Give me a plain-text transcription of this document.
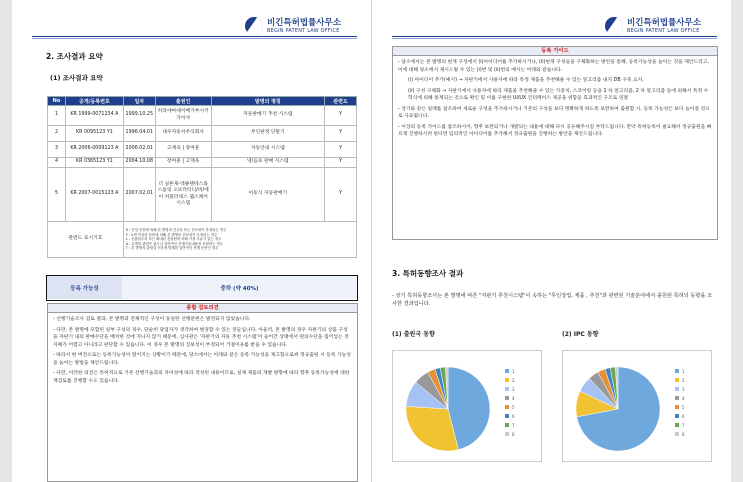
비긴특허법률사무소
BEGIN PATENT LAW OFFICE
2. 조사결과 요약
(1) 조사결과 요약
No	공개/등록번호	일자	출원인	발명의 명칭	관련도
1	KR 1999-0071234 A	1999.10.25	히라야마세이베가부시키가이샤	자동판매기 추천 시스템	Y
2	KR 0095123 Y1	1996.04.01	대우자동차주식회사	무인판정 단말기	Y
3	KR 2006-0009123 A	2006.02.01	고재욱 | 장여훈	자동안내 시스템	Y
4	KR 0365123 Y1	2004.10.08	장여훈 | 고재욱	냉/음료 판매 시스템	Y
5	KR 2007-0015123 A	2007.02.01	더 실론제-엑클랜테스와스틀링 오브러티디/비/에이 커플러네스 웰스케어 시스템	이동식 자동판매기	Y
관련도 표시기호		X : 단일 문헌에 의해 본 발명의 신규성 또는 진보성이 부정되는 경우
Y : 2개 이상의 문헌에 의해 본 발명의 진보성이 부정되는 경우
L : 선출원주의 또는 확대된 선출원에 의해 거절 사유가 있는 경우
A : 특별한 관련은 없으나 일반적인 선행기술내용을 포함하는 경우
T : 본 발명의 출원일 이후에 발행된 일반적인 선행 문헌인 경우			
등록 가능성	중하 (약 40%)
종합 검토의견

- 선행기술조사 검토 결과, 본 발명과 전체적인 구성이 동일한 선행문헌은 발견되지 않았습니다.

- 다만, 본 발명에 포함된 일부 구성의 경우, 단순히 당업자가 생각하여 변경할 수 있는 것들입니다. 아울러, 본 발명의 경우 자판기의 상품 구성을 자판기 내의 판매수단을 배치한 것에 지나지 않기 때문에, 심사관은 '자판기의 자동 추천 시스템'이 들어간 상태에서 편의수단을 집어넣는 것 자체가 어렵고 아니라고 판단할 수 있습니다. 이 경우 본 발명의 진보성이 부정되어 거절이유를 받을 수 있습니다.

- 따라서 현 버전으로는 등록가능성이 떨어지는 상황이기 때문에, 당소에서는 아래와 같은 등록 가능성을 제고함으로써 정규출원 시 등록 가능성을 높이는 방법을 제안드립니다.

- 다만, 이러한 의견은 특허적으로 기존 선행기술과의 차이성에 따라 작성된 내용이므로, 실제 제품의 개발 방향에 따라 향후 등록가능성에 대한 재검토를 진행할 수도 있습니다.

비긴특허법률사무소
BEGIN PATENT LAW OFFICE
등록 가이드

- 당소에서는 본 발명의 현재 구성에서 (i)아이디어를 추가하시거나, (ii)현재 구성들을 구체화하는 방안을 통해, 등록가능성을 높이는 것을 제안드리고, 이에 대해 당소에서 제시드릴 수 있는 (i)번 및 (ii)번의 예시는 아래와 같습니다.

(i) 아이디어 추가(예시) → 자판기에서 사용자에 따라 특정 제품을 추천해줄 수 있는 알고리즘 내지 DB 구축 요지.

(ii) 구성 구체화 → 자판기에서 사용자에 따라 제품을 추천해줄 수 있는 가중치, 스코어링 등을 1 차 알고리즘, 2 차 알고리즘 등에 의해서 특정 수학식에 의해 통계되는 것으로 확인 및 이를 구현한 UI/UX 인터페이스 제공을 위함을 효과적인 구조로 연결

- 상기와 같은 일례를 참조하여 새로운 구성을 추가하시거나 기존의 구성을 보다 명확하게 하도록 보완하여 출원할 시, 등록 가능성은 보다 높아질 것으로 사료됩니다.

- 이상의 등록 가이드를 참조하시어, 향후 보완되거나 개발되는 내용에 대해 다시 공유해주시길 부탁드립니다. 만약 특허등록이 필요해서 정규출원을 빠르게 진행하시려 한다면 임의적인 아이디어를 추가해서 정규출원을 진행하는 방안을 제안드립니다.

3. 특허동향조사 결과
- 상기 특허동향조사는 본 발명에 따른 "자판기 추천시스템"이 속하는 "무인장업, 제품 , 추천"과 관련된 기술분야에서 출원된 특허의 동향을 조사한 결과입니다.
(1) 출원국 동향	(2) IPC 동향
1
2
3
4
5
6
7
8
1
2
3
4
5
6
7
8
